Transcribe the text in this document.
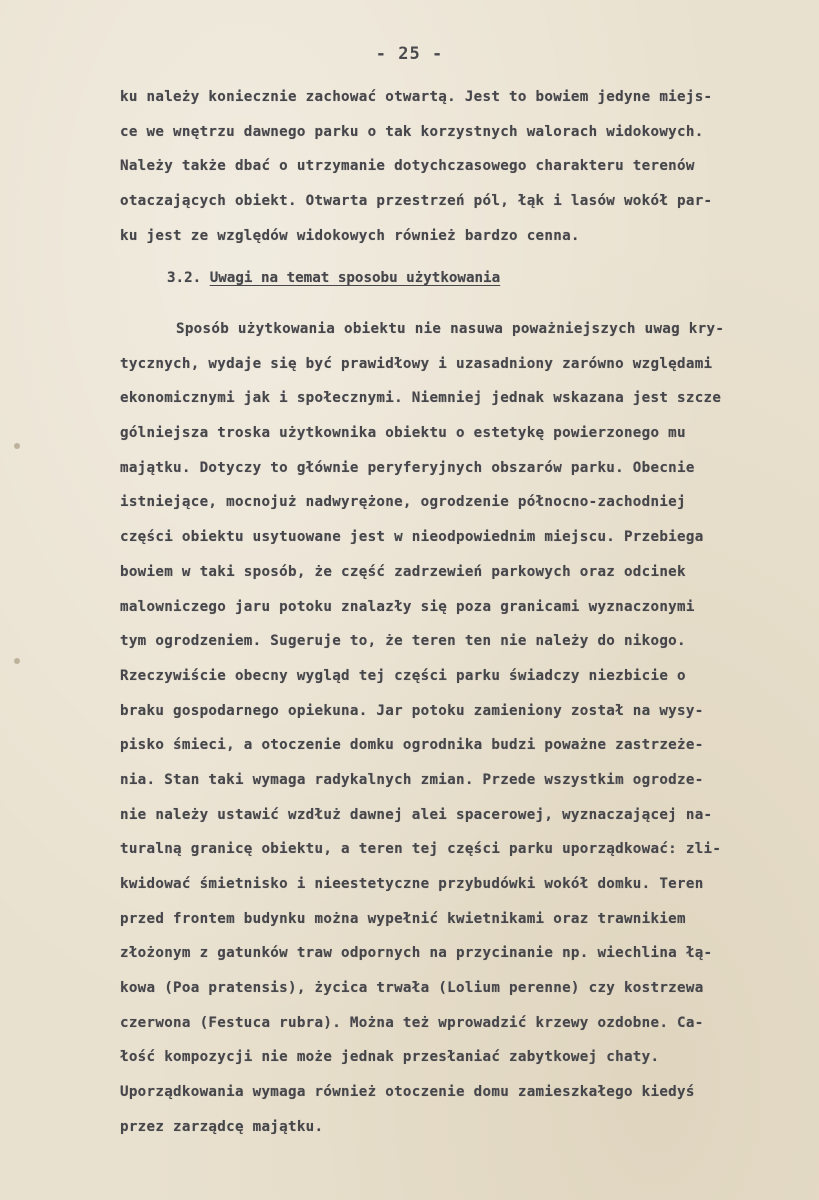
- 25 -
ku należy koniecznie zachować otwartą. Jest to bowiem jedyne miejs-
ce we wnętrzu dawnego parku o tak korzystnych walorach widokowych.
Należy także dbać o utrzymanie dotychczasowego charakteru terenów
otaczających obiekt. Otwarta przestrzeń pól, łąk i lasów wokół par-
ku jest ze względów widokowych również bardzo cenna.
3.2. Uwagi na temat sposobu użytkowania
Sposób użytkowania obiektu nie nasuwa poważniejszych uwag kry-
tycznych, wydaje się być prawidłowy i uzasadniony zarówno względami
ekonomicznymi jak i społecznymi. Niemniej jednak wskazana jest szcze
gólniejsza troska użytkownika obiektu o estetykę powierzonego mu
majątku. Dotyczy to głównie peryferyjnych obszarów parku. Obecnie
istniejące, mocnojuż nadwyrężone, ogrodzenie północno-zachodniej
części obiektu usytuowane jest w nieodpowiednim miejscu. Przebiega
bowiem w taki sposób, że część zadrzewień parkowych oraz odcinek
malowniczego jaru potoku znalazły się poza granicami wyznaczonymi
tym ogrodzeniem. Sugeruje to, że teren ten nie należy do nikogo.
Rzeczywiście obecny wygląd tej części parku świadczy niezbicie o
braku gospodarnego opiekuna. Jar potoku zamieniony został na wysy-
pisko śmieci, a otoczenie domku ogrodnika budzi poważne zastrzeże-
nia. Stan taki wymaga radykalnych zmian. Przede wszystkim ogrodze-
nie należy ustawić wzdłuż dawnej alei spacerowej, wyznaczającej na-
turalną granicę obiektu, a teren tej części parku uporządkować: zli-
kwidować śmietnisko i nieestetyczne przybudówki wokół domku. Teren
przed frontem budynku można wypełnić kwietnikami oraz trawnikiem
złożonym z gatunków traw odpornych na przycinanie np. wiechlina łą-
kowa (Poa pratensis), życica trwała (Lolium perenne) czy kostrzewa
czerwona (Festuca rubra). Można też wprowadzić krzewy ozdobne. Ca-
łość kompozycji nie może jednak przesłaniać zabytkowej chaty.
Uporządkowania wymaga również otoczenie domu zamieszkałego kiedyś
przez zarządcę majątku.
